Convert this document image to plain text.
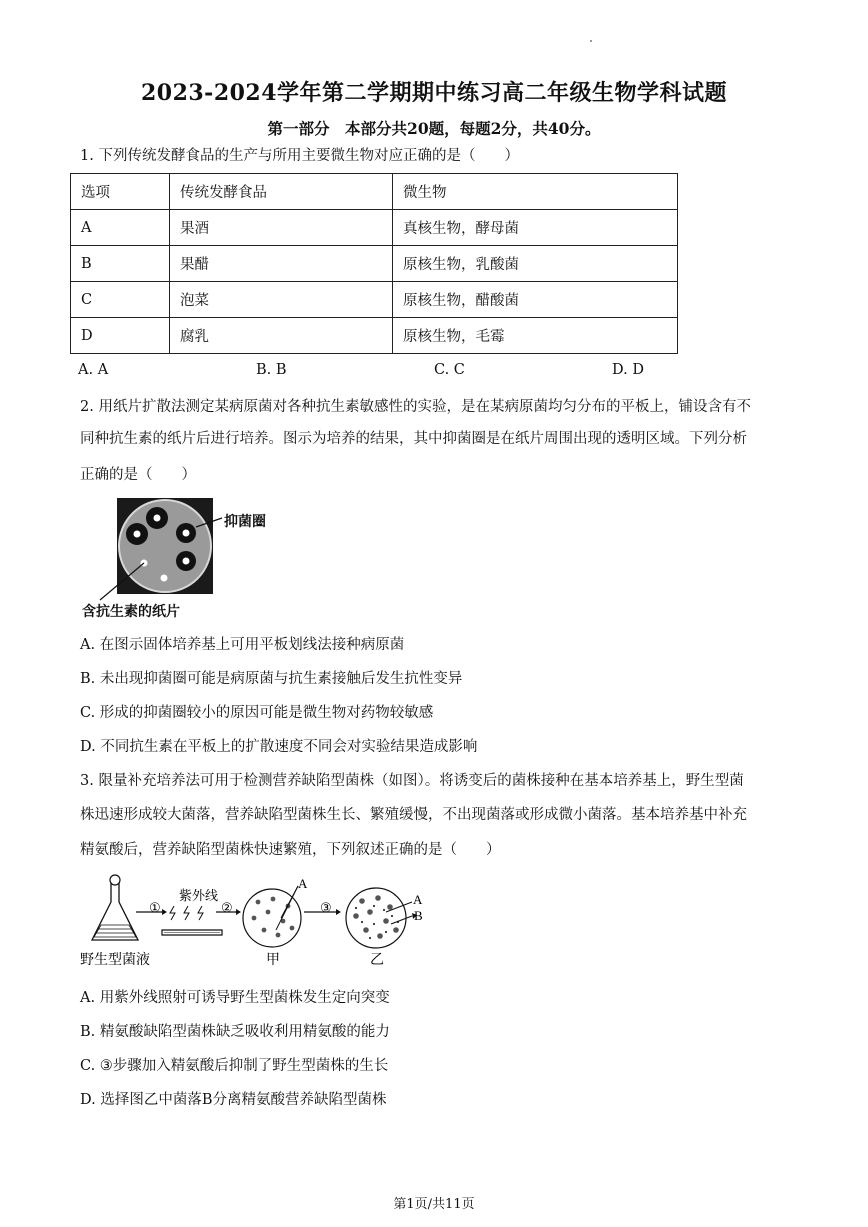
2023-2024学年第二学期期中练习高二年级生物学科试题
第一部分　本部分共20题，每题2分，共40分。
1. 下列传统发酵食品的生产与所用主要微生物对应正确的是（　　）
选项	传统发酵食品	微生物
A	果酒	真核生物，酵母菌
B	果醋	原核生物，乳酸菌
C	泡菜	原核生物，醋酸菌
D	腐乳	原核生物，毛霉
A. A	B. B	C. C	D. D
2. 用纸片扩散法测定某病原菌对各种抗生素敏感性的实验，是在某病原菌均匀分布的平板上，铺设含有不
同种抗生素的纸片后进行培养。图示为培养的结果，其中抑菌圈是在纸片周围出现的透明区域。下列分析
正确的是（　　）
抑菌圈
含抗生素的纸片
A. 在图示固体培养基上可用平板划线法接种病原菌
B. 未出现抑菌圈可能是病原菌与抗生素接触后发生抗性变异
C. 形成的抑菌圈较小的原因可能是微生物对药物较敏感
D. 不同抗生素在平板上的扩散速度不同会对实验结果造成影响
3. 限量补充培养法可用于检测营养缺陷型菌株（如图）。将诱变后的菌株接种在基本培养基上，野生型菌
株迅速形成较大菌落，营养缺陷型菌株生长、繁殖缓慢，不出现菌落或形成微小菌落。基本培养基中补充
精氨酸后，营养缺陷型菌株快速繁殖，下列叙述正确的是（　　）
①
紫外线
②	③
A
A
B
野生型菌液	甲	乙
A. 用紫外线照射可诱导野生型菌株发生定向突变
B. 精氨酸缺陷型菌株缺乏吸收利用精氨酸的能力
C. ③步骤加入精氨酸后抑制了野生型菌株的生长
D. 选择图乙中菌落B分离精氨酸营养缺陷型菌株
第1页/共11页
